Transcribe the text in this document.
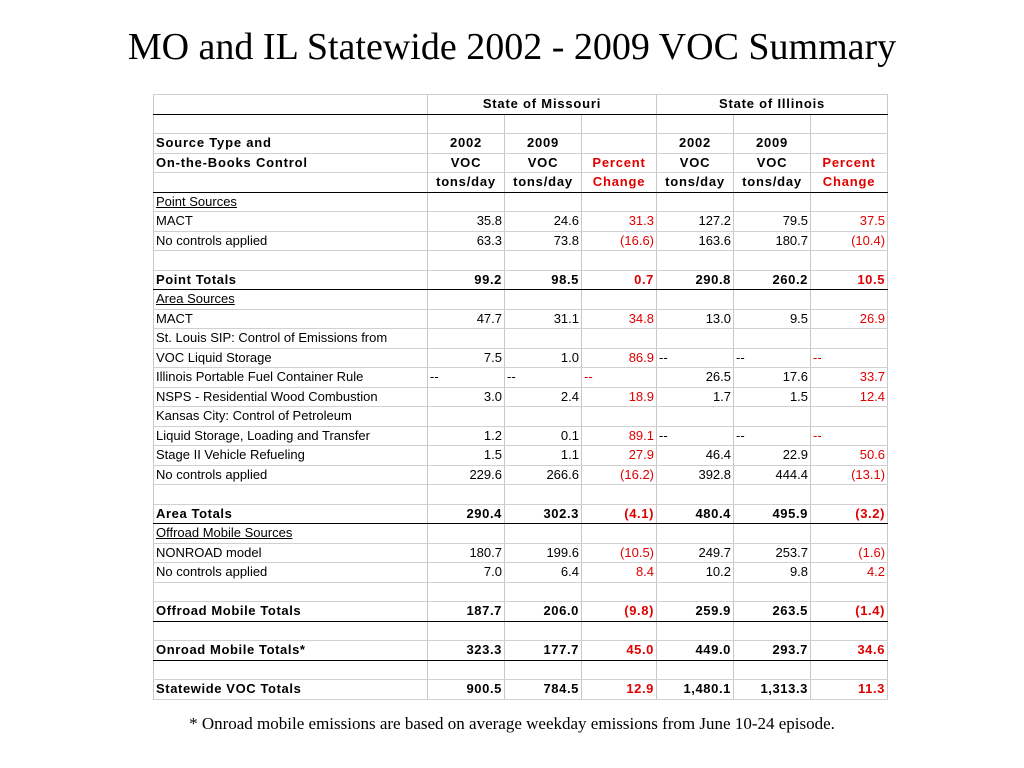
MO and IL Statewide 2002 - 2009 VOC Summary
	State of Missouri			State of Illinois		

Source Type and	2002	2009		2002	2009	
On-the-Books Control	VOC	VOC	Percent	VOC	VOC	Percent
	tons/day	tons/day	Change	tons/day	tons/day	Change
Point Sources						
MACT	35.8	24.6	31.3	127.2	79.5	37.5
No controls applied	63.3	73.8	(16.6)	163.6	180.7	(10.4)

Point Totals	99.2	98.5	0.7	290.8	260.2	10.5
Area Sources						
MACT	47.7	31.1	34.8	13.0	9.5	26.9
St. Louis SIP: Control of Emissions from						
VOC Liquid Storage	7.5	1.0	86.9	--	--	--
Illinois Portable Fuel Container Rule	--	--	--	26.5	17.6	33.7
NSPS - Residential Wood Combustion	3.0	2.4	18.9	1.7	1.5	12.4
Kansas City: Control of Petroleum						
Liquid Storage, Loading and Transfer	1.2	0.1	89.1	--	--	--
Stage II Vehicle Refueling	1.5	1.1	27.9	46.4	22.9	50.6
No controls applied	229.6	266.6	(16.2)	392.8	444.4	(13.1)

Area Totals	290.4	302.3	(4.1)	480.4	495.9	(3.2)
Offroad Mobile Sources						
NONROAD model	180.7	199.6	(10.5)	249.7	253.7	(1.6)
No controls applied	7.0	6.4	8.4	10.2	9.8	4.2

Offroad Mobile Totals	187.7	206.0	(9.8)	259.9	263.5	(1.4)

Onroad Mobile Totals*	323.3	177.7	45.0	449.0	293.7	34.6

Statewide VOC Totals	900.5	784.5	12.9	1,480.1	1,313.3	11.3
* Onroad mobile emissions are based on average weekday emissions from June 10-24 episode.
